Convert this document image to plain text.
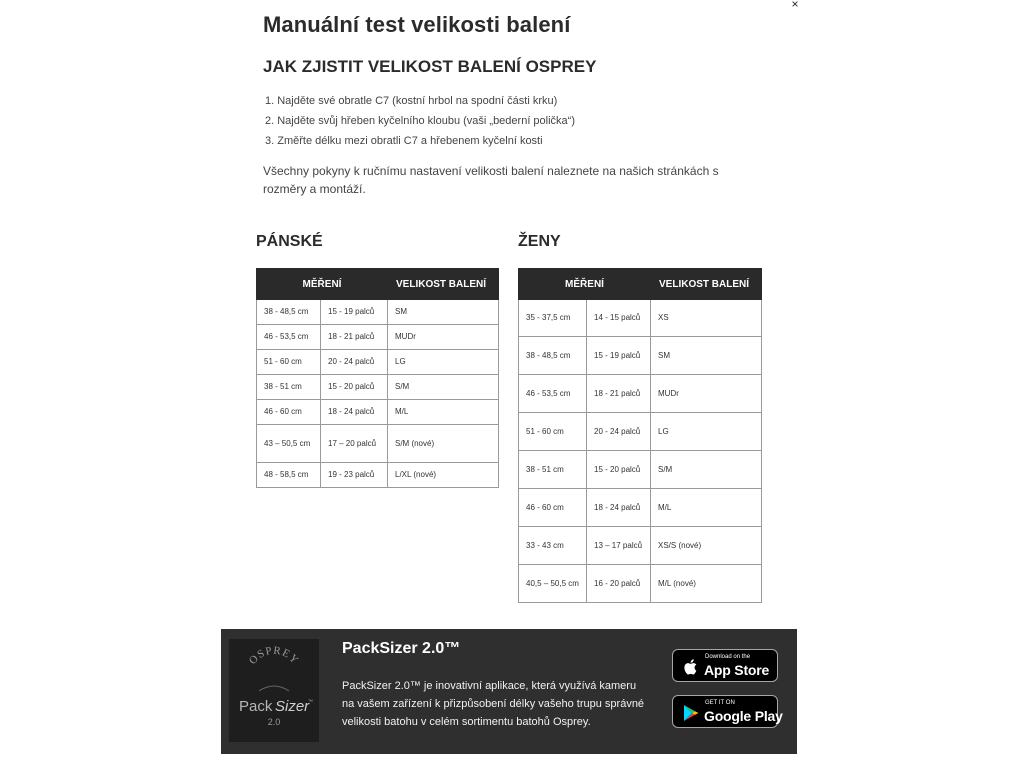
×
Manuální test velikosti balení
JAK ZJISTIT VELIKOST BALENÍ OSPREY
1. Najděte své obratle C7 (kostní hrbol na spodní části krku)
2. Najděte svůj hřeben kyčelního kloubu (vaši „bederní polička“)
3. Změřte délku mezi obratli C7 a hřebenem kyčelní kosti

Všechny pokyny k ručnímu nastavení velikosti balení naleznete na našich stránkách s rozměry a montáží.

PÁNSKÉ	ŽENY
MĚŘENÍ		VELIKOST BALENÍ
38 - 48,5 cm	15 - 19 palců	SM
46 - 53,5 cm	18 - 21 palců	MUDr
51 - 60 cm	20 - 24 palců	LG
38 - 51 cm	15 - 20 palců	S/M
46 - 60 cm	18 - 24 palců	M/L
43 – 50,5 cm	17 – 20 palců	S/M (nové)
48 - 58,5 cm	19 - 23 palců	L/XL (nové)
MĚŘENÍ		VELIKOST BALENÍ
35 - 37,5 cm	14 - 15 palců	XS
38 - 48,5 cm	15 - 19 palců	SM
46 - 53,5 cm	18 - 21 palců	MUDr
51 - 60 cm	20 - 24 palců	LG
38 - 51 cm	15 - 20 palců	S/M
46 - 60 cm	18 - 24 palců	M/L
33 - 43 cm	13 – 17 palců	XS/S (nové)
40,5 – 50,5 cm	16 - 20 palců	M/L (nové)
OSPREY
Pack Sizer
™
2.0
PackSizer 2.0™

PackSizer 2.0™ je inovativní aplikace, která využívá kameru na vašem zařízení k přizpůsobení délky vašeho trupu správné velikosti batohu v celém sortimentu batohů Osprey.

Download on the
App Store
GET IT ON
Google Play
